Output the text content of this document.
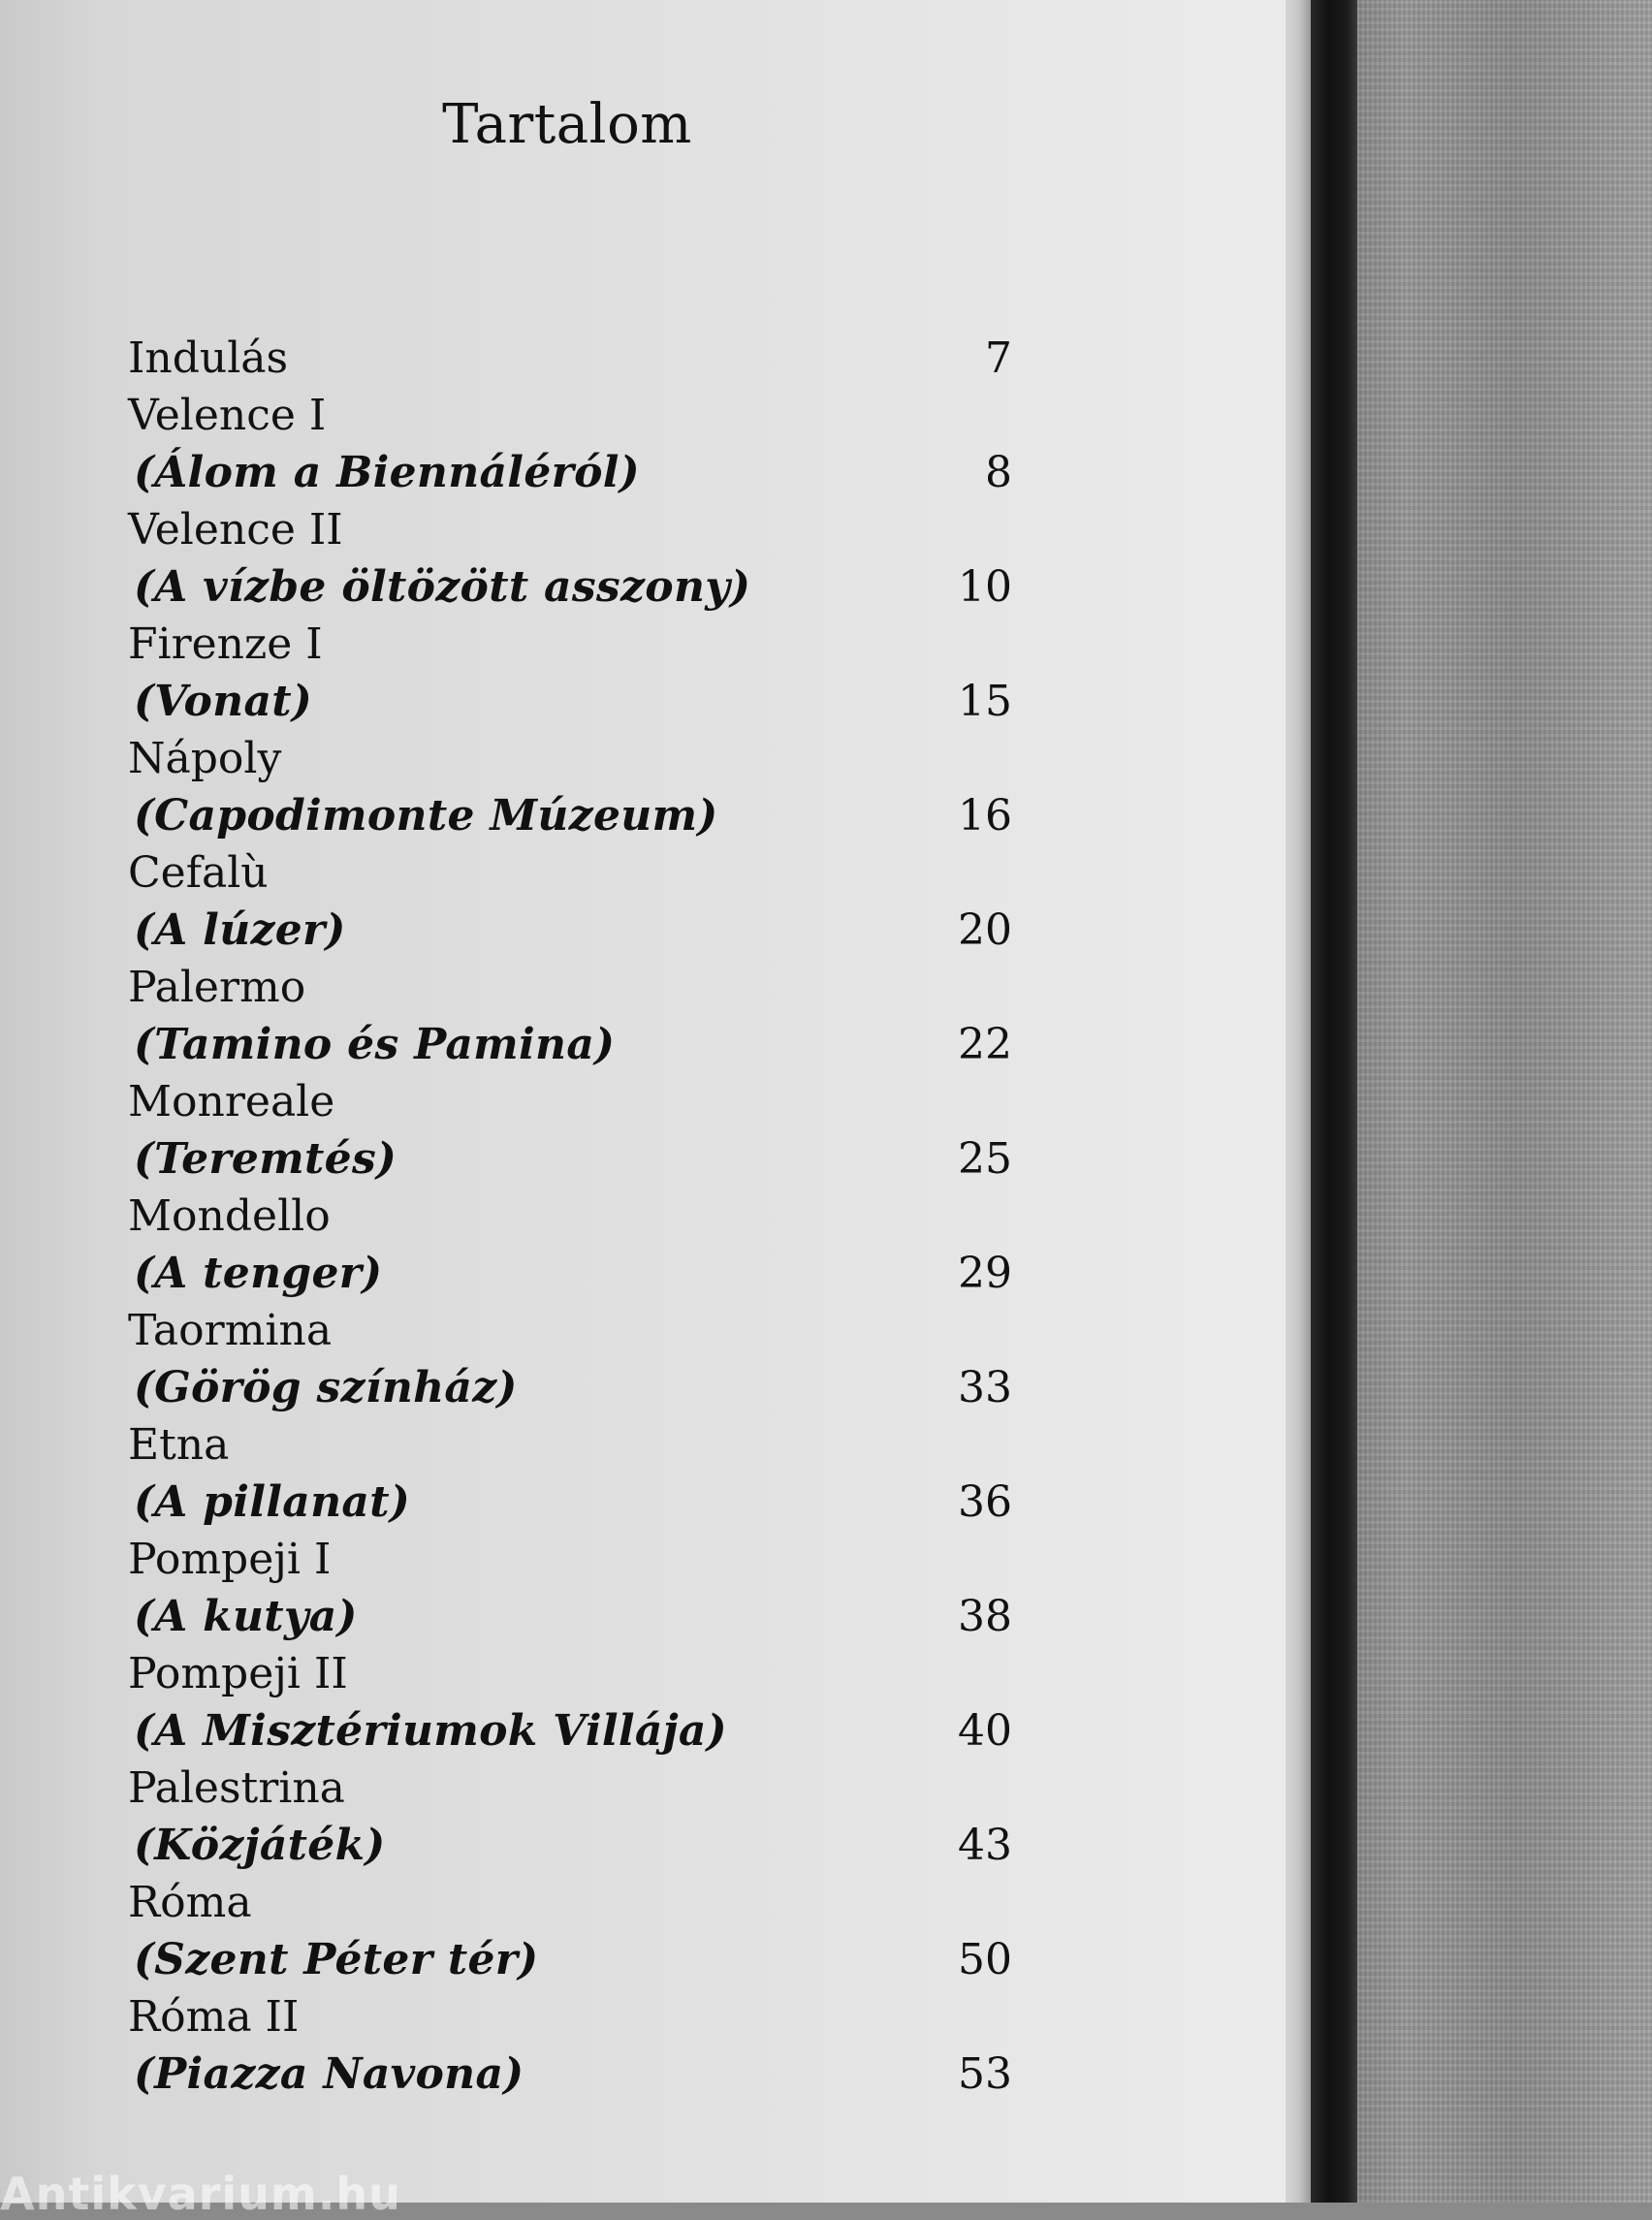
Tartalom
Indulás	7
Velence I
(Álom a Biennáléról)	8
Velence II
(A vízbe öltözött asszony)	10
Firenze I
(Vonat)	15
Nápoly
(Capodimonte Múzeum)	16
Cefalù
(A lúzer)	20
Palermo
(Tamino és Pamina)	22
Monreale
(Teremtés)	25
Mondello
(A tenger)	29
Taormina
(Görög színház)	33
Etna
(A pillanat)	36
Pompeji I
(A kutya)	38
Pompeji II
(A Misztériumok Villája)	40
Palestrina
(Közjáték)	43
Róma
(Szent Péter tér)	50
Róma II
(Piazza Navona)	53
Antikvarium.hu
